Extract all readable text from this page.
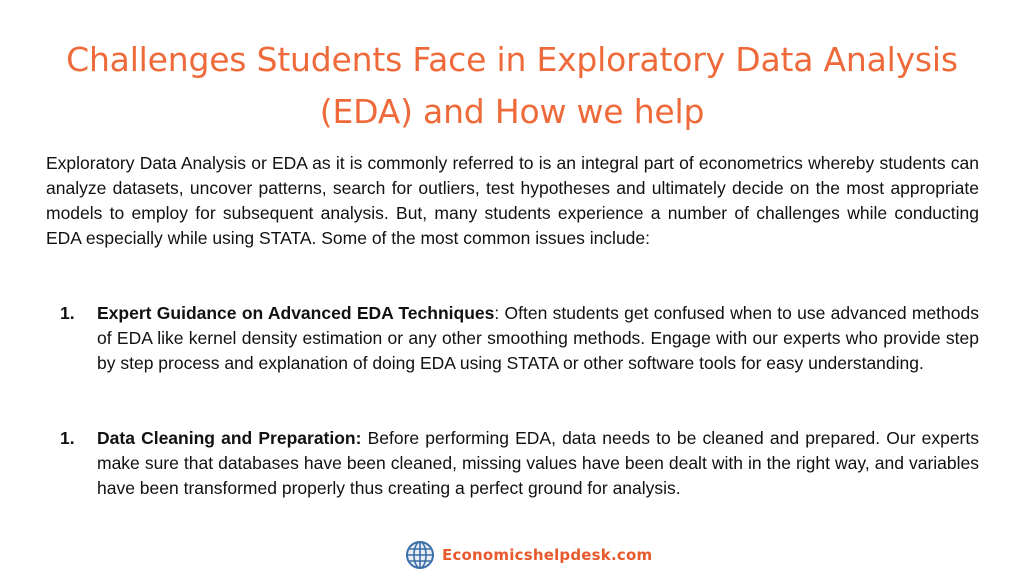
Challenges Students Face in Exploratory Data Analysis (EDA) and How we help

Exploratory Data Analysis or EDA as it is commonly referred to is an integral part of econometrics whereby students can analyze datasets, uncover patterns, search for outliers, test hypotheses and ultimately decide on the most appropriate models to employ for subsequent analysis. But, many students experience a number of challenges while conducting EDA especially while using STATA. Some of the most common issues include:

1. Expert Guidance on Advanced EDA Techniques: Often students get confused when to use advanced methods of EDA like kernel density estimation or any other smoothing methods. Engage with our experts who provide step by step process and explanation of doing EDA using STATA or other software tools for easy understanding.
1. Data Cleaning and Preparation: Before performing EDA, data needs to be cleaned and prepared. Our experts make sure that databases have been cleaned, missing values have been dealt with in the right way, and variables have been transformed properly thus creating a perfect ground for analysis.
Economicshelpdesk.com
